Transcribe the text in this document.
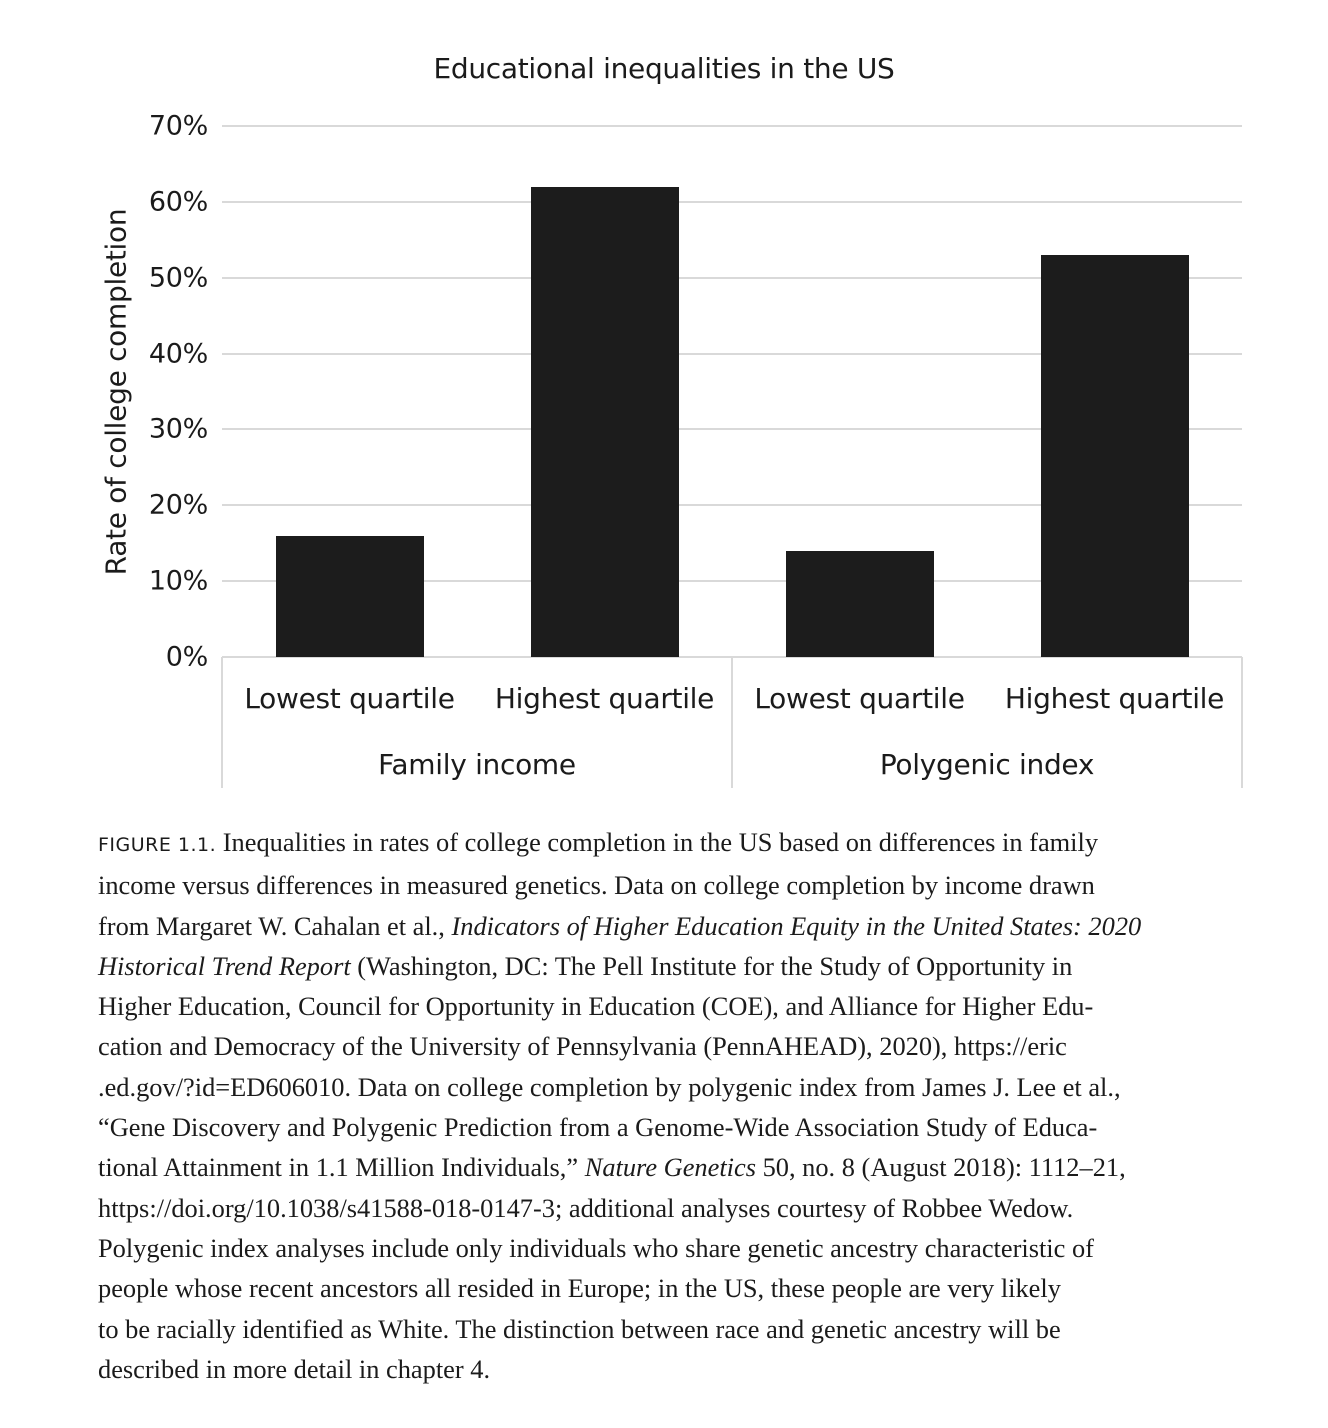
Educational inequalities in the US
Rate of college completion
0%
10%
20%
30%
40%
50%
60%
70%
Lowest quartile	Highest quartile	Lowest quartile	Highest quartile
Family income	Polygenic index
FIGURE 1.1. Inequalities in rates of college completion in the US based on differences in family
income versus differences in measured genetics. Data on college completion by income drawn
from Margaret W. Cahalan et al., Indicators of Higher Education Equity in the United States: 2020
Historical Trend Report (Washington, DC: The Pell Institute for the Study of Opportunity in
Higher Education, Council for Opportunity in Education (COE), and Alliance for Higher Edu-
cation and Democracy of the University of Pennsylvania (PennAHEAD), 2020), https://eric
.ed.gov/?id=ED606010. Data on college completion by polygenic index from James J. Lee et al.,
“Gene Discovery and Polygenic Prediction from a Genome-Wide Association Study of Educa-
tional Attainment in 1.1 Million Individuals,” Nature Genetics 50, no. 8 (August 2018): 1112–21,
https://doi.org/10.1038/s41588-018-0147-3; additional analyses courtesy of Robbee Wedow.
Polygenic index analyses include only individuals who share genetic ancestry characteristic of
people whose recent ancestors all resided in Europe; in the US, these people are very likely
to be racially identified as White. The distinction between race and genetic ancestry will be
described in more detail in chapter 4.
